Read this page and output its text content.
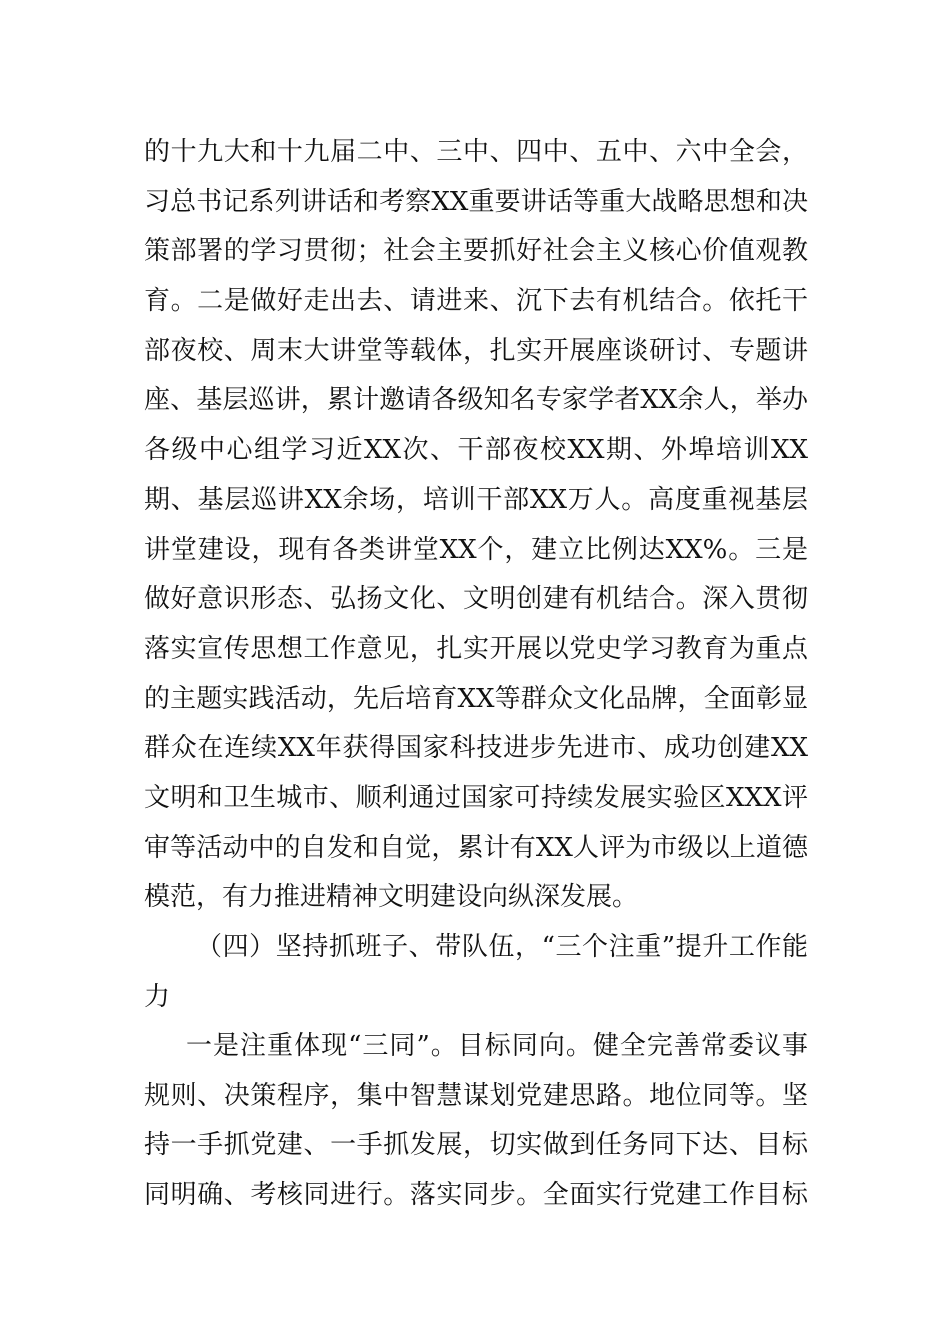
的十九大和十九届二中、三中、四中、五中、六中全会，
习总书记系列讲话和考察XX重要讲话等重大战略思想和决
策部署的学习贯彻；社会主要抓好社会主义核心价值观教
育。二是做好走出去、请进来、沉下去有机结合。依托干
部夜校、周末大讲堂等载体，扎实开展座谈研讨、专题讲
座、基层巡讲，累计邀请各级知名专家学者XX余人，举办
各级中心组学习近XX次、干部夜校XX期、外埠培训XX
期、基层巡讲XX余场，培训干部XX万人。高度重视基层
讲堂建设，现有各类讲堂XX个，建立比例达XX%。三是
做好意识形态、弘扬文化、文明创建有机结合。深入贯彻
落实宣传思想工作意见，扎实开展以党史学习教育为重点
的主题实践活动，先后培育XX等群众文化品牌，全面彰显
群众在连续XX年获得国家科技进步先进市、成功创建XX
文明和卫生城市、顺利通过国家可持续发展实验区XXX评
审等活动中的自发和自觉，累计有XX人评为市级以上道德
模范，有力推进精神文明建设向纵深发展。
（四）坚持抓班子、带队伍，“三个注重”提升工作能
力
一是注重体现“三同”。目标同向。健全完善常委议事
规则、决策程序，集中智慧谋划党建思路。地位同等。坚
持一手抓党建、一手抓发展，切实做到任务同下达、目标
同明确、考核同进行。落实同步。全面实行党建工作目标
